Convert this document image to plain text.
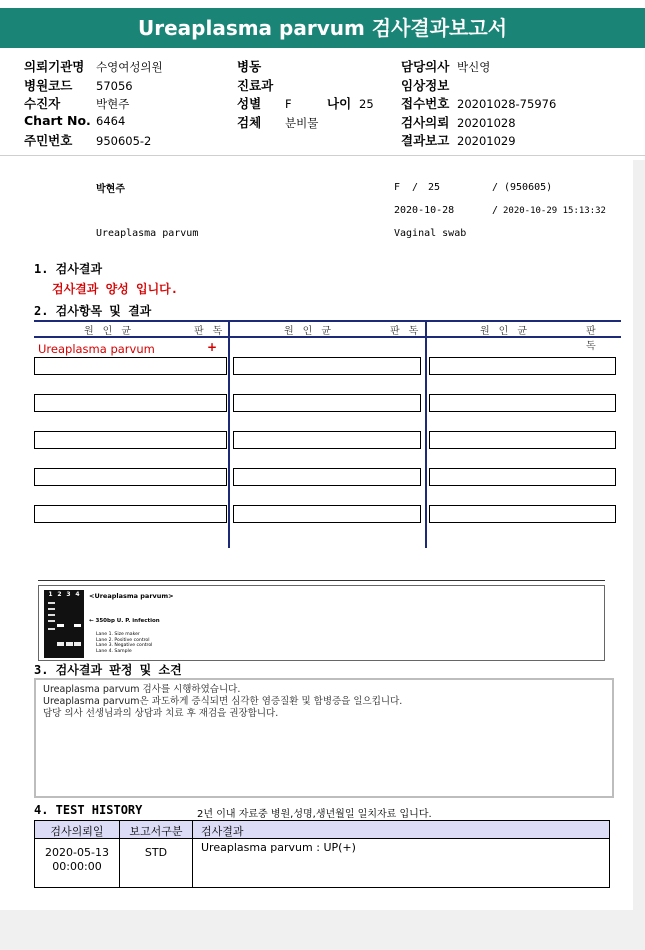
Ureaplasma parvum 검사결과보고서
의뢰기관명 수영여성의원
병원코드 57056
수진자	박현주
Chart No. 6464
주민번호 950605-2
병동
진료과
성별 F	나이 25
검체 분비물
담당의사 박신영
임상정보
접수번호 20201028-75976
검사의뢰 20201028
결과보고 20201029
박현주	F / 25	/ (950605)
2020-10-28	/ 2020-10-29 15:13:32
Ureaplasma parvum	Vaginal swab
1. 검사결과
검사결과 양성 입니다.
2. 검사항목 및 결과
원인균	판독	원인균	판독	원인균	판독
Ureaplasma parvum	+
1 2 3 4 <Ureaplasma parvum>
← 350bp U. P. infection
Lane 1. Size maker
Lane 2. Positive control
Lane 3. Negative control
Lane 4. Sample
3. 검사결과 판정 및 소견
Ureaplasma parvum 검사를 시행하였습니다.
Ureaplasma parvum은 과도하게 증식되면 심각한 염증질환 및 합병증을 일으킵니다.
담당 의사 선생님과의 상담과 치료 후 재검을 권장합니다.
4. TEST HISTORY	2년 이내 자료중 병원,성명,생년월일 일치자료 입니다.
검사의뢰일	보고서구분	검사결과
2020-05-13
00:00:00
STD	Ureaplasma parvum : UP(+)
